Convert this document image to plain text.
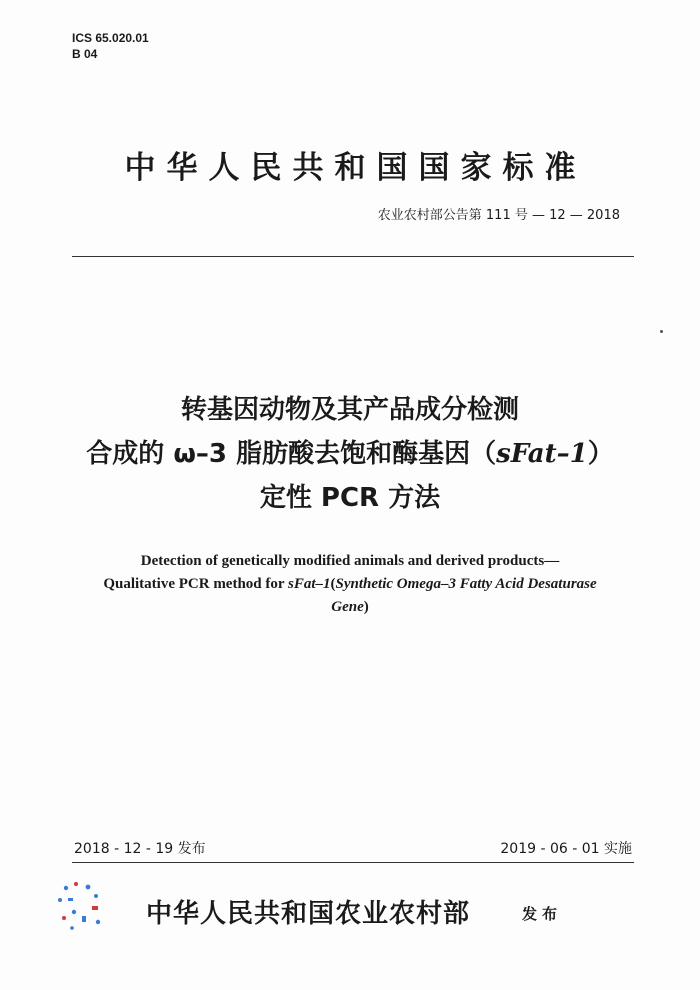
ICS 65.020.01
B 04
中华人民共和国国家标准
农业农村部公告第 111 号 — 12 — 2018
转基因动物及其产品成分检测
合成的 ω–3 脂肪酸去饱和酶基因（sFat–1）
定性 PCR 方法
Detection of genetically modified animals and derived products—
Qualitative PCR method for sFat–1(Synthetic Omega–3 Fatty Acid Desaturase
Gene)
2018 - 12 - 19 发布	2019 - 06 - 01 实施
中华人民共和国农业农村部	发布
